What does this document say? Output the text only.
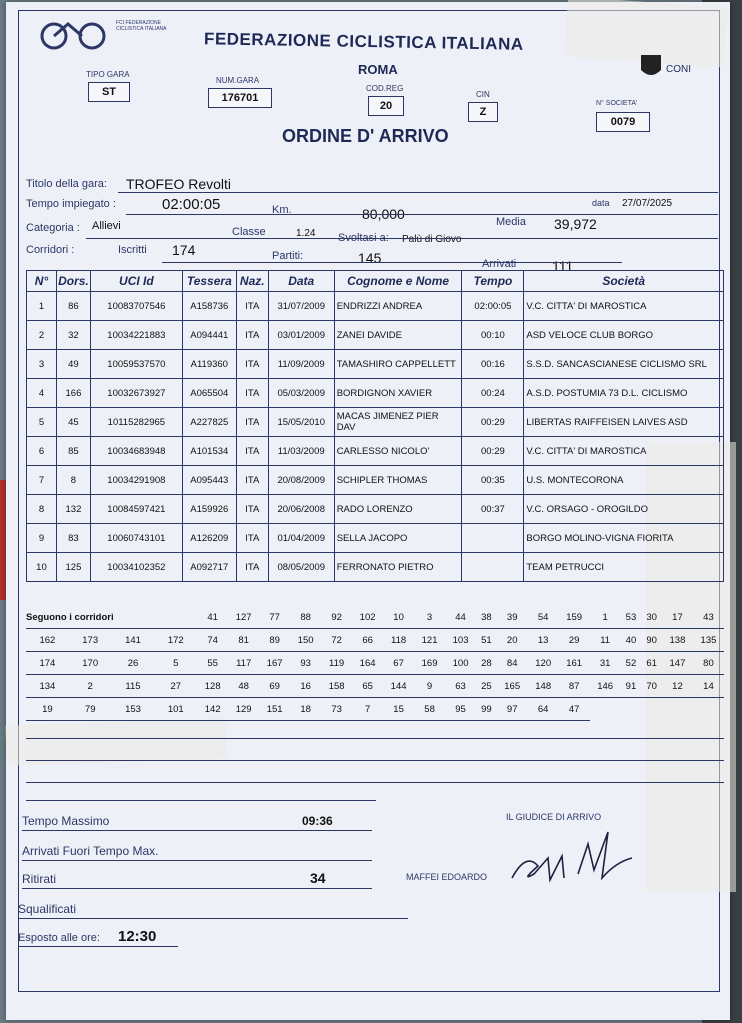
FCI FEDERAZIONE CICLISTICA ITALIANA
FEDERAZIONE CICLISTICA ITALIANA
ROMA	CONI
TIPO GARA
ST
NUM.GARA
176701
COD.REG
20
CIN
Z
N° SOCIETA'
0079
ORDINE D' ARRIVO
Titolo della gara: TROFEO Revolti
Tempo impiegato :	02:00:05	Km.	80,000
data 27/07/2025
Media 39,972
Categoria : Allievi	Classe	1.24 Svoltasi a: Palù di Giovo
Corridori :	Iscritti 174	Partiti:	145	Arrivati	111
N°	Dors.	UCI Id	Tessera	Naz.	Data	Cognome e Nome	Tempo	Società
1	86	10083707546	A158736	ITA	31/07/2009	ENDRIZZI ANDREA	02:00:05	V.C. CITTA' DI MAROSTICA
2	32	10034221883	A094441	ITA	03/01/2009	ZANEI DAVIDE	00:10	ASD VELOCE CLUB BORGO
3	49	10059537570	A119360	ITA	11/09/2009	TAMASHIRO CAPPELLETT	00:16	S.S.D. SANCASCIANESE CICLISMO SRL
4	166	10032673927	A065504	ITA	05/03/2009	BORDIGNON XAVIER	00:24	A.S.D. POSTUMIA 73 D.L. CICLISMO
5	45	10115282965	A227825	ITA	15/05/2010	MACAS JIMENEZ PIER DAV	00:29	LIBERTAS RAIFFEISEN LAIVES ASD
6	85	10034683948	A101534	ITA	11/03/2009	CARLESSO NICOLO'	00:29	V.C. CITTA' DI MAROSTICA
7	8	10034291908	A095443	ITA	20/08/2009	SCHIPLER THOMAS	00:35	U.S. MONTECORONA
8	132	10084597421	A159926	ITA	20/06/2008	RADO LORENZO	00:37	V.C. ORSAGO - OROGILDO
9	83	10060743101	A126209	ITA	01/04/2009	SELLA JACOPO		BORGO MOLINO-VIGNA FIORITA
10	125	10034102352	A092717	ITA	08/05/2009	FERRONATO PIETRO		TEAM PETRUCCI
Seguono i corridori				41	127	77	88	92	102	10	3	44	38	39	54	159	1	53	30	17	43
162	173	141	172	74	81	89	150	72	66	118	121	103	51	20	13	29	11	40	90	138	135
174	170	26	5	55	117	167	93	119	164	67	169	100	28	84	120	161	31	52	61	147	80
134	2	115	27	128	48	69	16	158	65	144	9	63	25	165	148	87	146	91	70	12	14
19	79	153	101	142	129	151	18	73	7	15	58	95	99	97	64	47					
Tempo Massimo	09:36
Arrivati Fuori Tempo Max.
Ritirati	34
Squalificati
Esposto alle ore: 12:30
IL GIUDICE DI ARRIVO
MAFFEI EDOARDO
